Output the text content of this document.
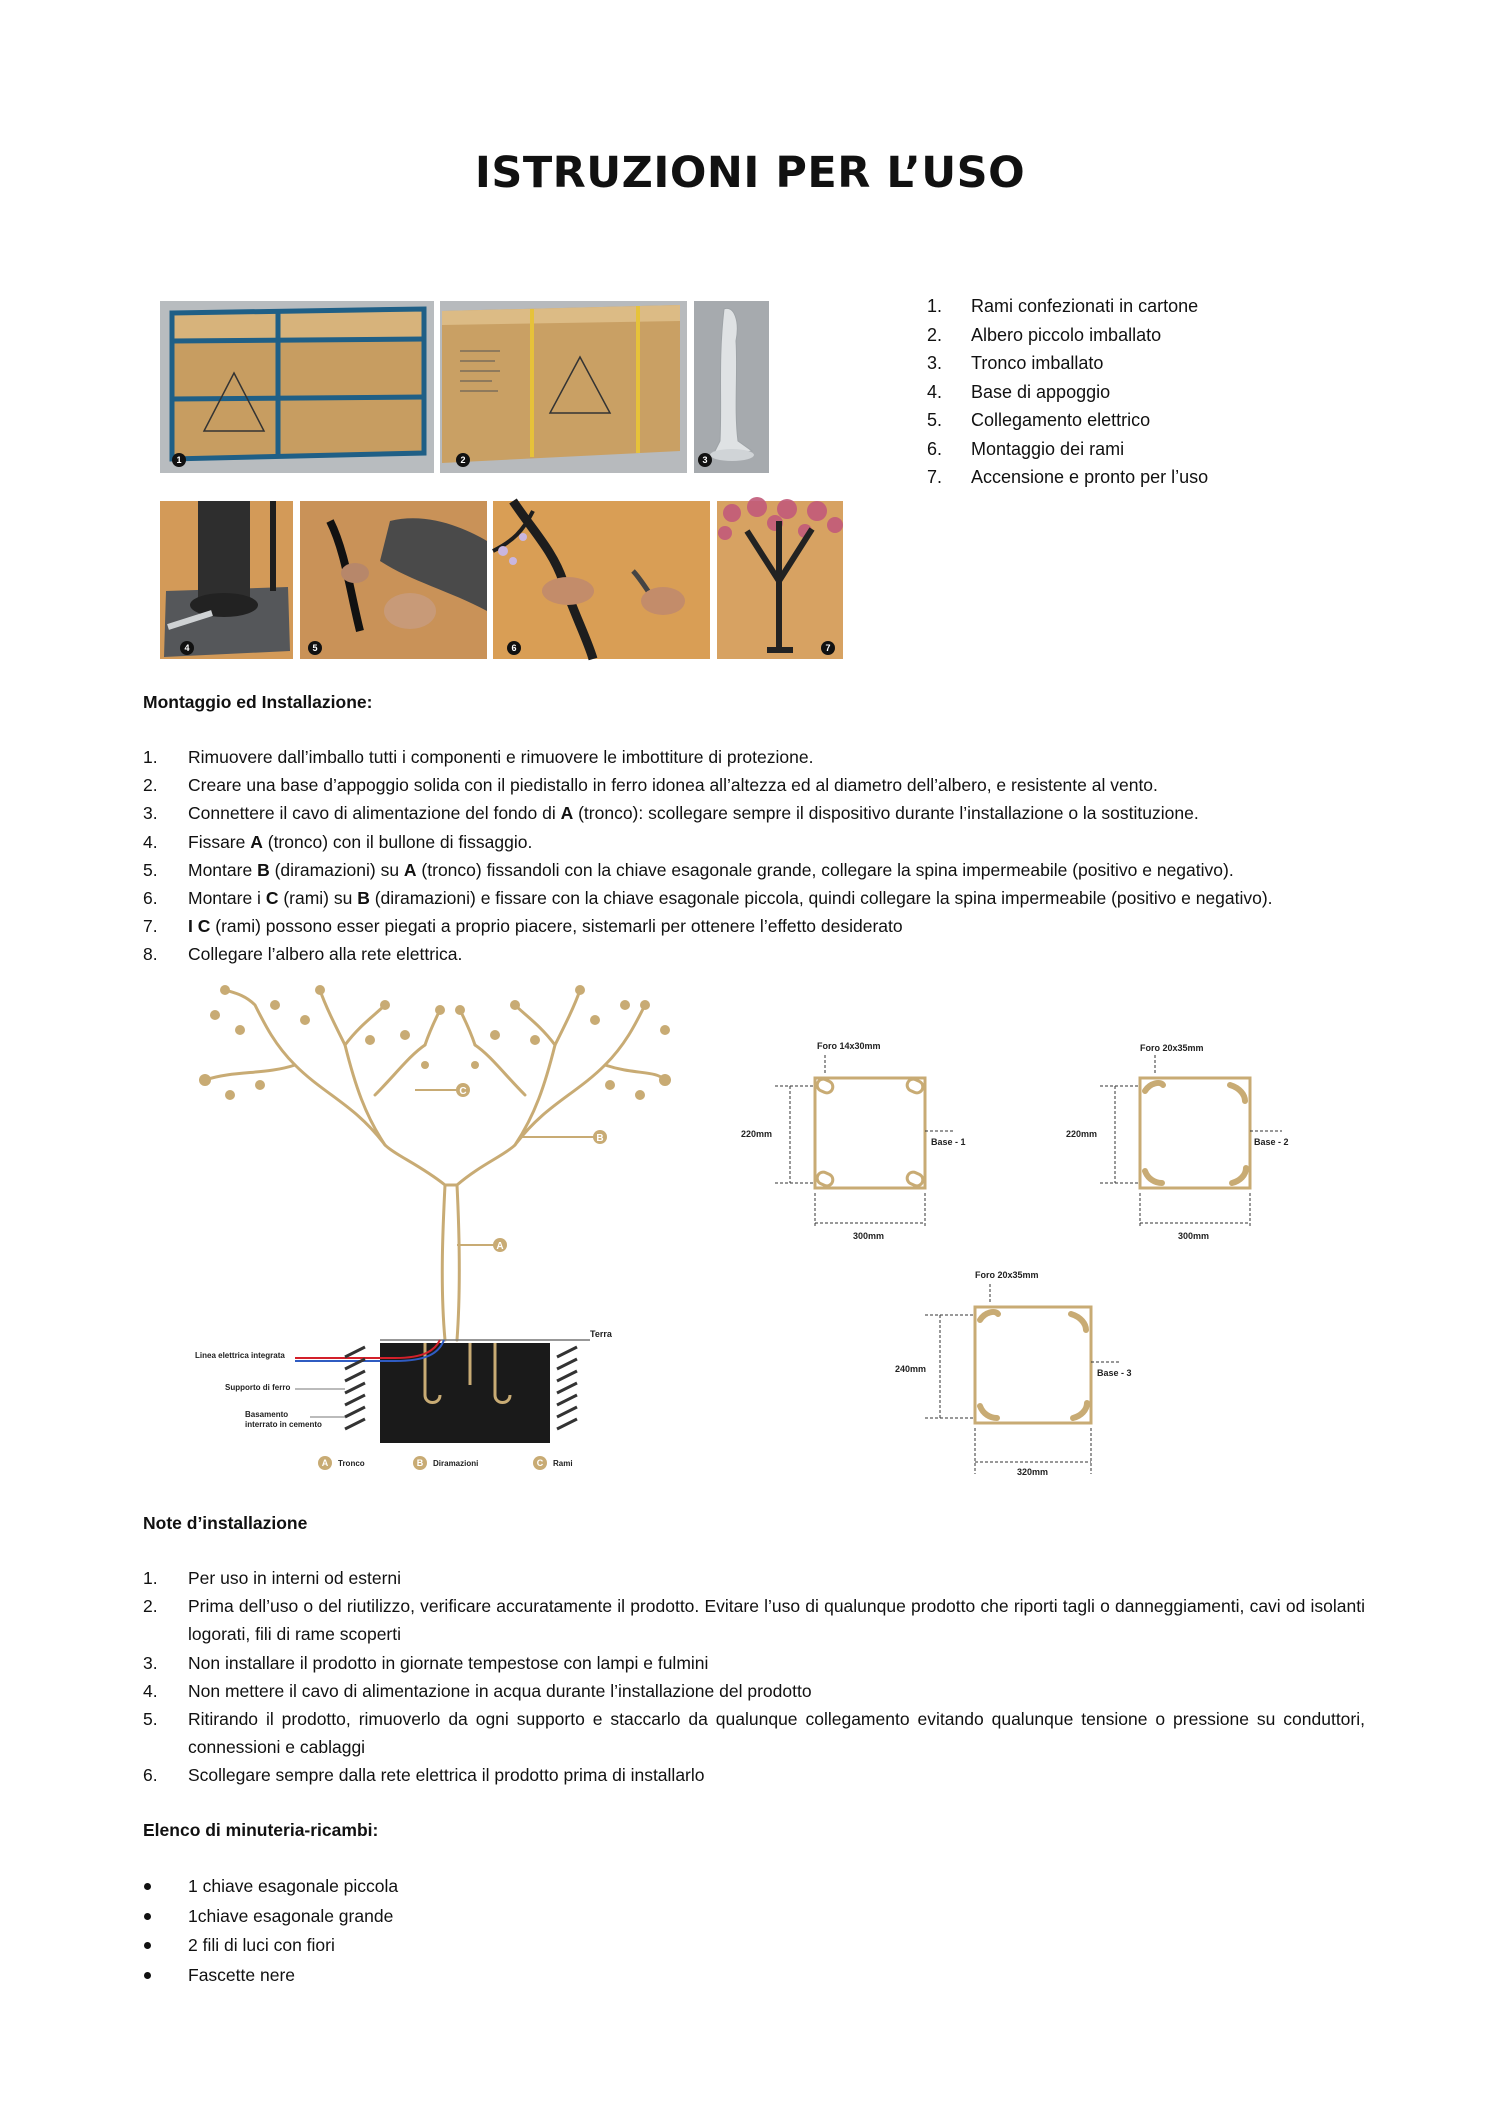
ISTRUZIONI PER L’USO
1	2	3
4	5	6	7
1. Rami confezionati in cartone
2. Albero piccolo imballato
3. Tronco imballato
4. Base di appoggio
5. Collegamento elettrico
6. Montaggio dei rami
7. Accensione e pronto per l’uso

Montaggio ed Installazione:

1. Rimuovere dall’imballo tutti i componenti e rimuovere le imbottiture di protezione.
2. Creare una base d’appoggio solida con il piedistallo in ferro idonea all’altezza ed al diametro dell’albero, e resistente al vento.
3. Connettere il cavo di alimentazione del fondo di A (tronco): scollegare sempre il dispositivo durante l’installazione o la sostituzione.
4. Fissare A (tronco) con il bullone di fissaggio.
5. Montare B (diramazioni) su A (tronco) fissandoli con la chiave esagonale grande, collegare la spina impermeabile (positivo e negativo).
6. Montare i C (rami) su B (diramazioni) e fissare con la chiave esagonale piccola, quindi collegare la spina impermeabile (positivo e negativo).
7. I C (rami) possono esser piegati a proprio piacere, sistemarli per ottenere l’effetto desiderato
8. Collegare l’albero alla rete elettrica.
C
B
A
Terra
Linea elettrica integrata
Supporto di ferro
Basamento
interrato in cemento
A Tronco	B Diramazioni	C Rami
Foro 14x30mm
220mm
300mm
Base - 1
Foro 20x35mm
220mm
300mm
Base - 2
Foro 20x35mm
240mm
320mm
Base - 3

Note d’installazione

1. Per uso in interni od esterni
2. Prima dell’uso o del riutilizzo, verificare accuratamente il prodotto. Evitare l’uso di qualunque prodotto che riporti tagli o danneggiamenti, cavi od isolanti logorati, fili di rame scoperti
3. Non installare il prodotto in giornate tempestose con lampi e fulmini
4. Non mettere il cavo di alimentazione in acqua durante l’installazione del prodotto
5. Ritirando il prodotto, rimuoverlo da ogni supporto e staccarlo da qualunque collegamento evitando qualunque tensione o pressione su conduttori, connessioni e cablaggi
6. Scollegare sempre dalla rete elettrica il prodotto prima di installarlo

Elenco di minuteria-ricambi:

1 chiave esagonale piccola
1chiave esagonale grande
2 fili di luci con fiori
Fascette nere
